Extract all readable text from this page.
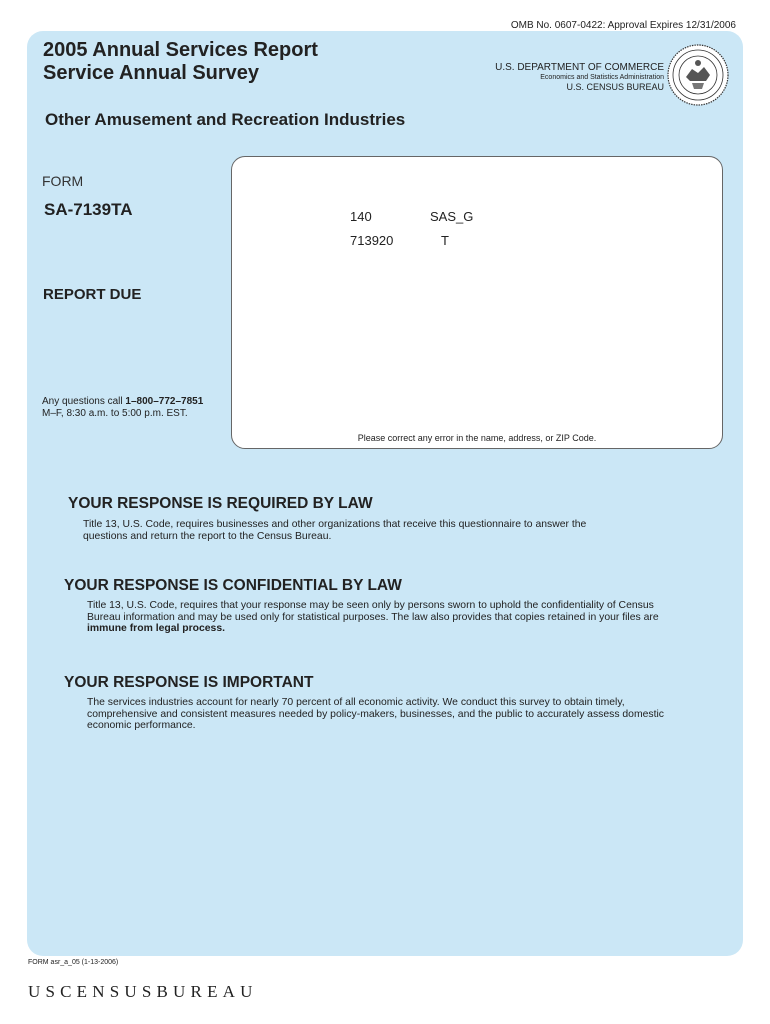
OMB No. 0607-0422: Approval Expires 12/31/2006
2005 Annual Services Report
Service Annual Survey	U.S. DEPARTMENT OF COMMERCE
Economics and Statistics Administration
U.S. CENSUS BUREAU
Other Amusement and Recreation Industries
FORM
SA-7139TA
REPORT DUE
Any questions call 1–800–772–7851
M–F, 8:30 a.m. to 5:00 p.m. EST.
140	SAS_G
713920	T
Please correct any error in the name, address, or ZIP Code.
YOUR RESPONSE IS REQUIRED BY LAW
Title 13, U.S. Code, requires businesses and other organizations that receive this questionnaire to answer the
questions and return the report to the Census Bureau.
YOUR RESPONSE IS CONFIDENTIAL BY LAW
Title 13, U.S. Code, requires that your response may be seen only by persons sworn to uphold the confidentiality of Census
Bureau information and may be used only for statistical purposes. The law also provides that copies retained in your files are
immune from legal process.
YOUR RESPONSE IS IMPORTANT
The services industries account for nearly 70 percent of all economic activity. We conduct this survey to obtain timely,
comprehensive and consistent measures needed by policy-makers, businesses, and the public to accurately assess domestic
economic performance.
FORM asr_a_05 (1-13-2006)
USCENSUSBUREAU
